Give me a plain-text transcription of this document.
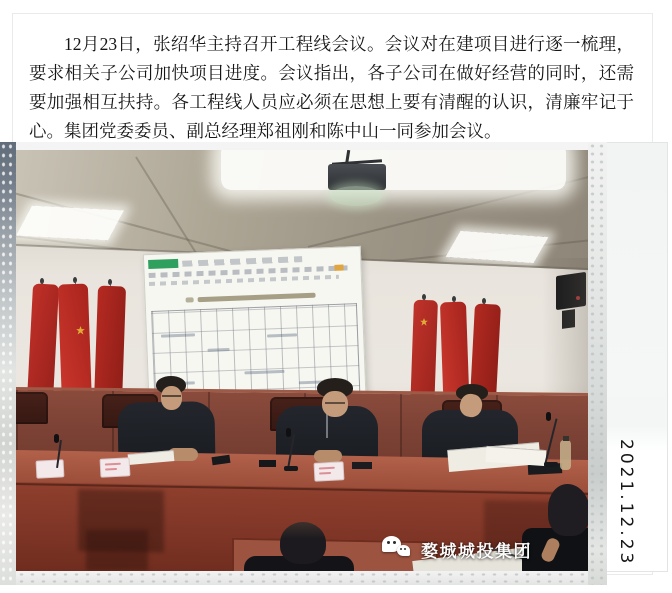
12月23日，张绍华主持召开工程线会议。会议对在建项目进行逐一梳理，要求相关子公司加快项目进度。会议指出，各子公司在做好经营的同时，还需要加强相互扶持。各工程线人员应必须在思想上要有清醒的认识，清廉牢记于心。集团党委委员、副总经理郑祖刚和陈中山一同参加会议。

2021.12.23
婺城城投集团
